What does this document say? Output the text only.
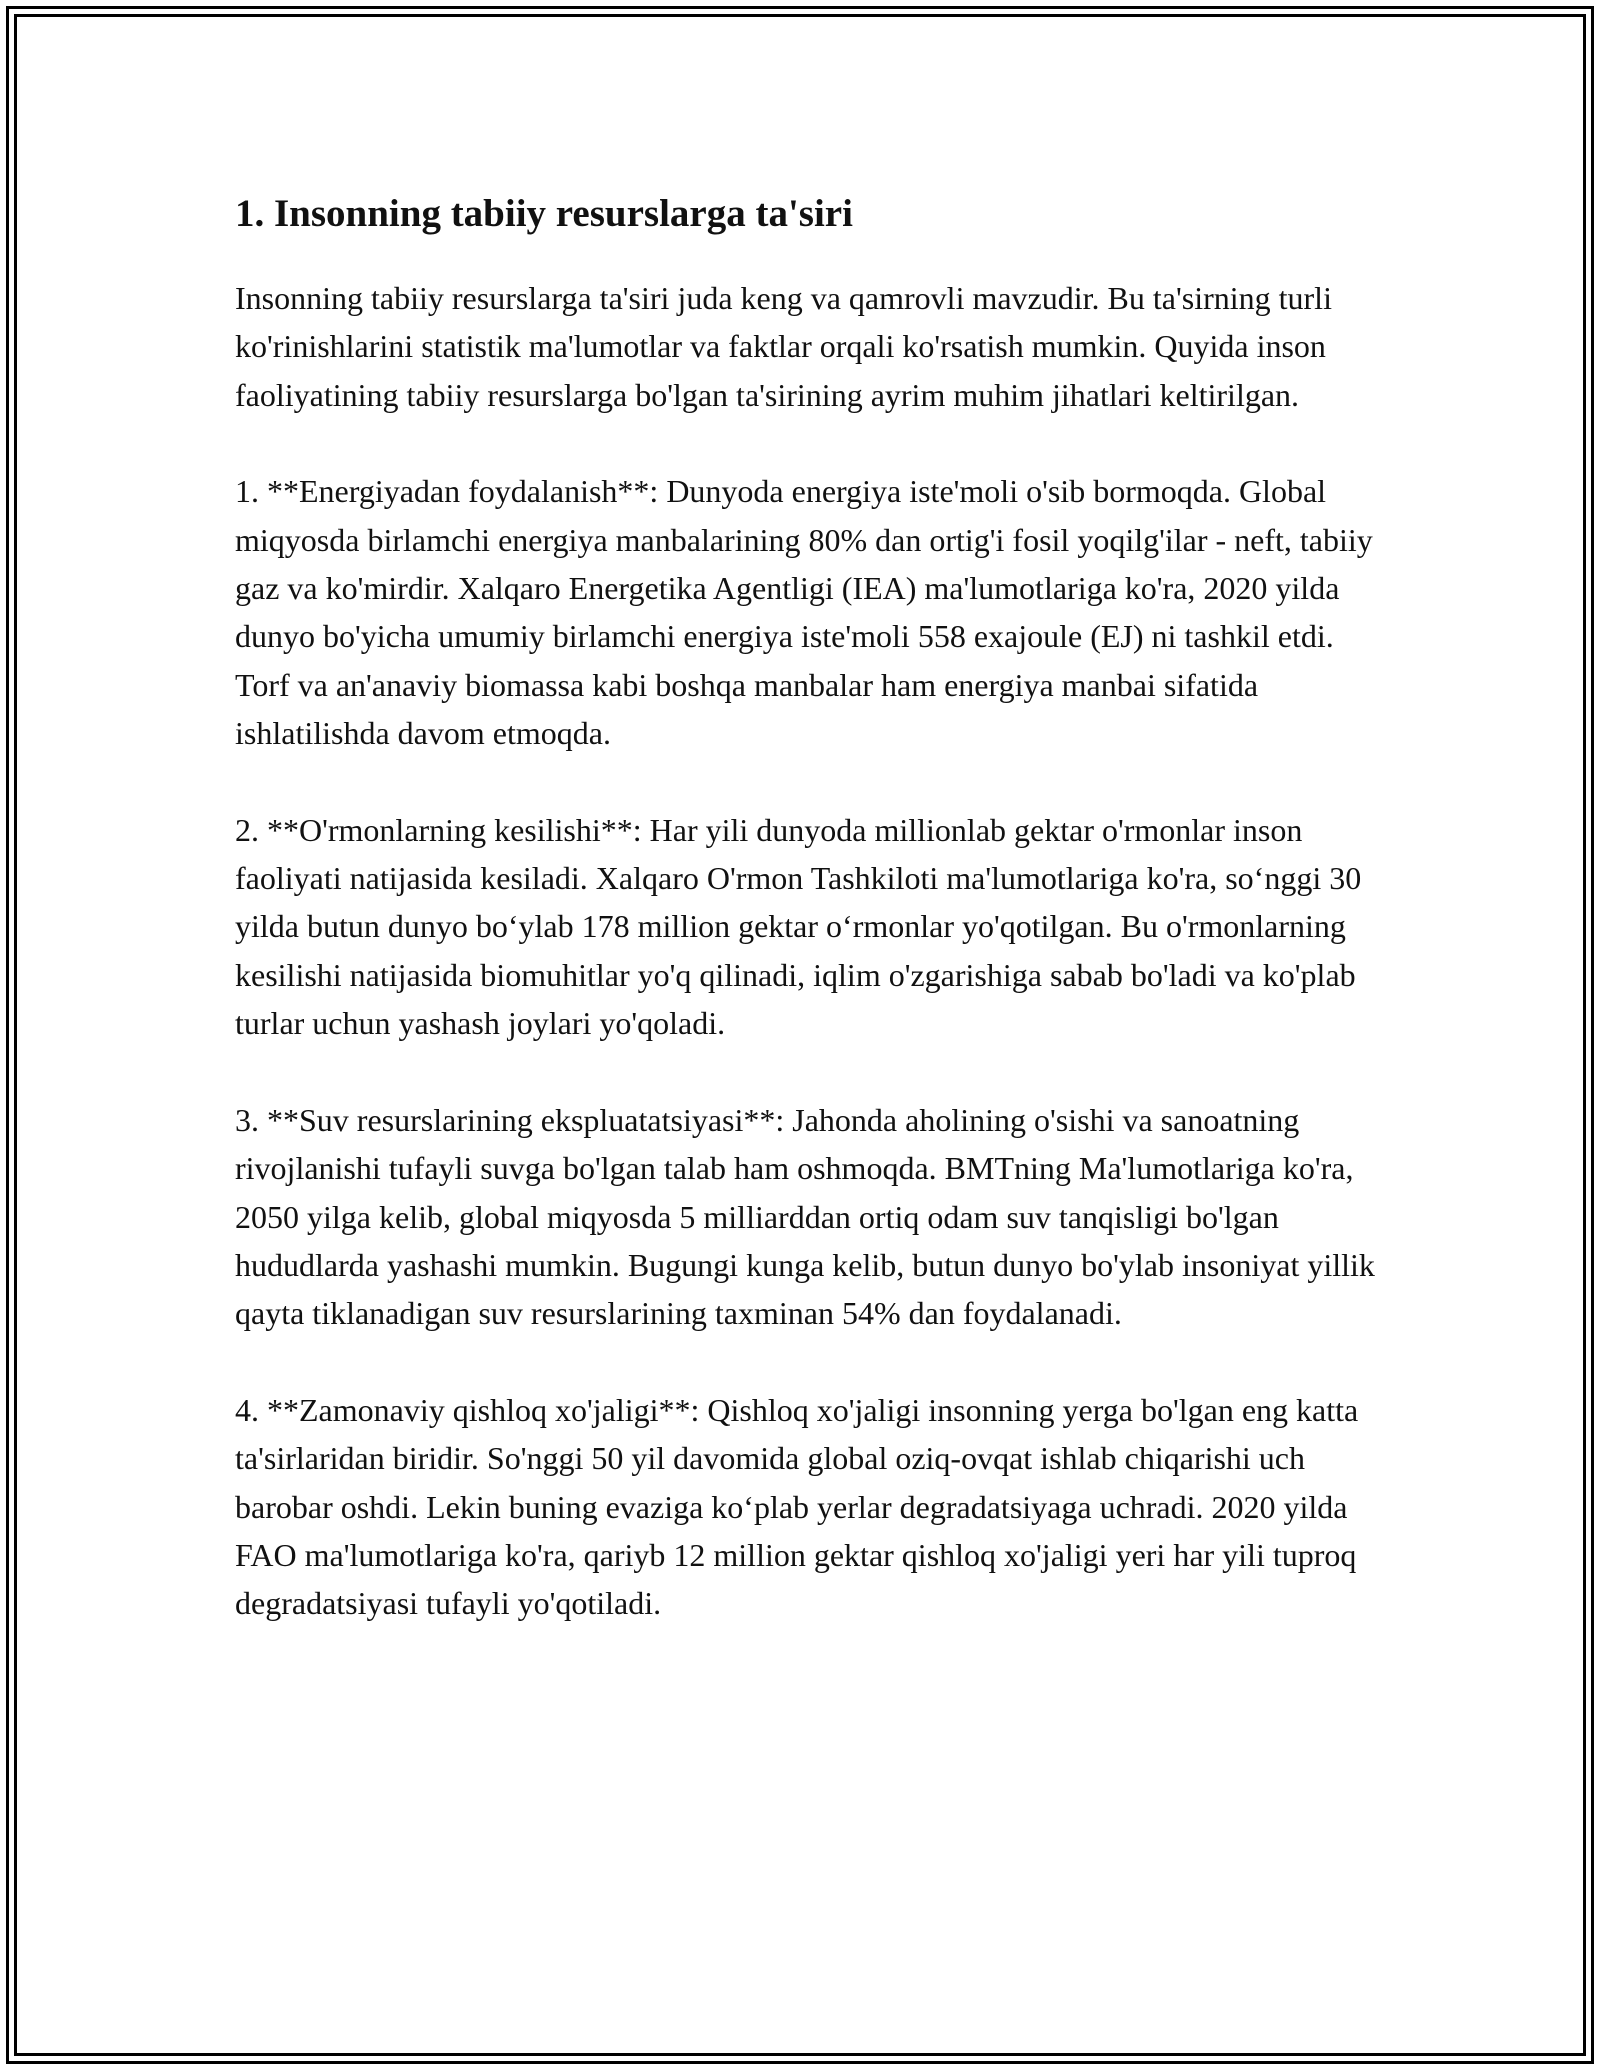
1. Insonning tabiiy resurslarga ta'siri

Insonning tabiiy resurslarga ta'siri juda keng va qamrovli mavzudir. Bu ta'sirning turli ko'rinishlarini statistik ma'lumotlar va faktlar orqali ko'rsatish mumkin. Quyida inson faoliyatining tabiiy resurslarga bo'lgan ta'sirining ayrim muhim jihatlari keltirilgan.

1. **Energiyadan foydalanish**: Dunyoda energiya iste'moli o'sib bormoqda. Global miqyosda birlamchi energiya manbalarining 80% dan ortig'i fosil yoqilg'ilar - neft, tabiiy gaz va ko'mirdir. Xalqaro Energetika Agentligi (IEA) ma'lumotlariga ko'ra, 2020 yilda dunyo bo'yicha umumiy birlamchi energiya iste'moli 558 exajoule (EJ) ni tashkil etdi. Torf va an'anaviy biomassa kabi boshqa manbalar ham energiya manbai sifatida ishlatilishda davom etmoqda.

2. **O'rmonlarning kesilishi**: Har yili dunyoda millionlab gektar o'rmonlar inson faoliyati natijasida kesiladi. Xalqaro O'rmon Tashkiloti ma'lumotlariga ko'ra, so‘nggi 30 yilda butun dunyo bo‘ylab 178 million gektar o‘rmonlar yo'qotilgan. Bu o'rmonlarning kesilishi natijasida biomuhitlar yo'q qilinadi, iqlim o'zgarishiga sabab bo'ladi va ko'plab turlar uchun yashash joylari yo'qoladi.

3. **Suv resurslarining ekspluatatsiyasi**: Jahonda aholining o'sishi va sanoatning rivojlanishi tufayli suvga bo'lgan talab ham oshmoqda. BMTning Ma'lumotlariga ko'ra, 2050 yilga kelib, global miqyosda 5 milliarddan ortiq odam suv tanqisligi bo'lgan hududlarda yashashi mumkin. Bugungi kunga kelib, butun dunyo bo'ylab insoniyat yillik qayta tiklanadigan suv resurslarining taxminan 54% dan foydalanadi.

4. **Zamonaviy qishloq xo'jaligi**: Qishloq xo'jaligi insonning yerga bo'lgan eng katta ta'sirlaridan biridir. So'nggi 50 yil davomida global oziq-ovqat ishlab chiqarishi uch barobar oshdi. Lekin buning evaziga ko‘plab yerlar degradatsiyaga uchradi. 2020 yilda FAO ma'lumotlariga ko'ra, qariyb 12 million gektar qishloq xo'jaligi yeri har yili tuproq degradatsiyasi tufayli yo'qotiladi.
